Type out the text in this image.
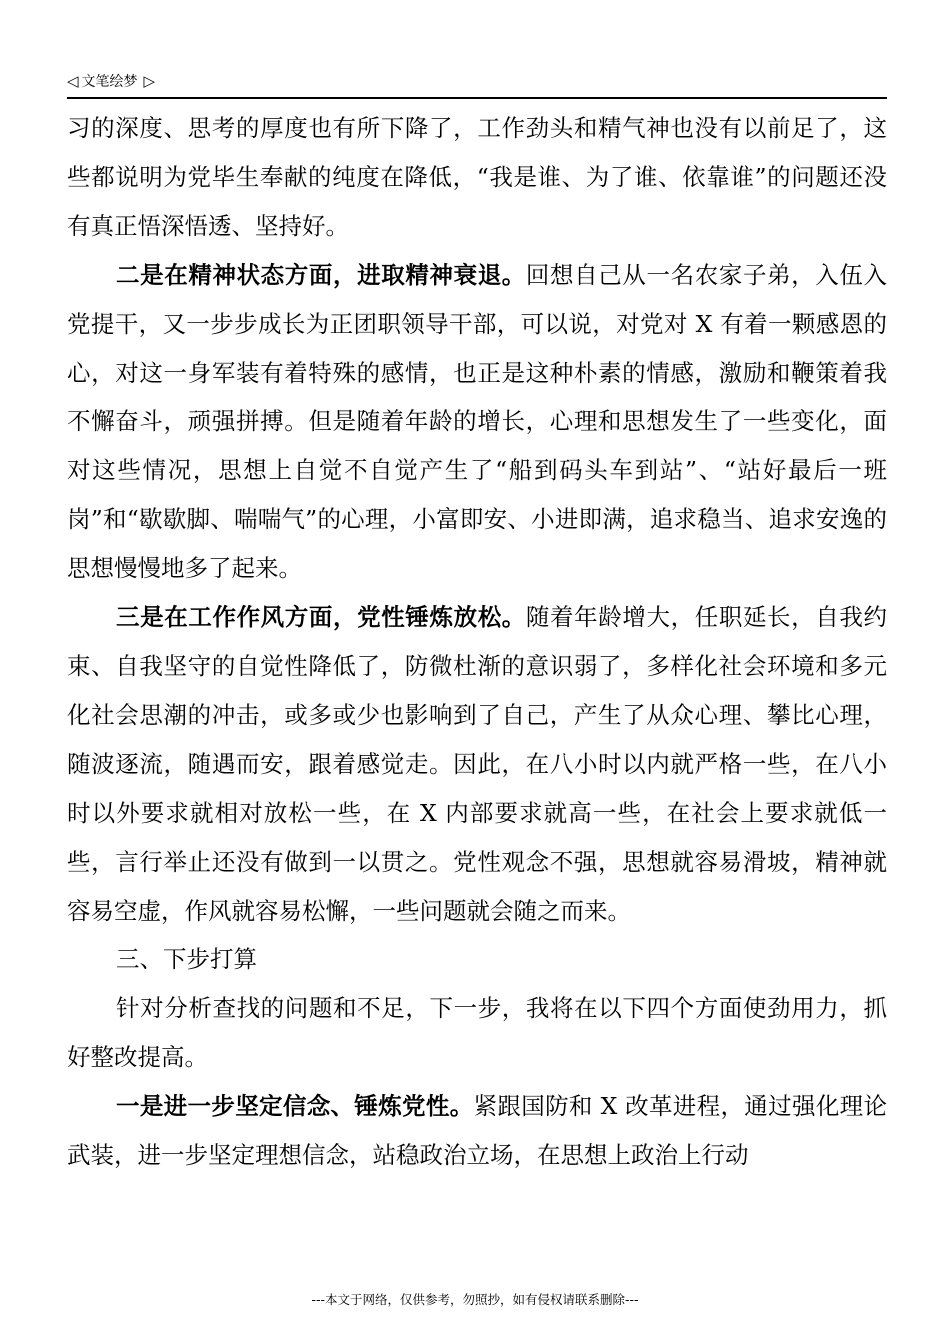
◁ 文笔绘梦 ▷

习的深度、思考的厚度也有所下降了，工作劲头和精气神也没有以前足了，这些都说明为党毕生奉献的纯度在降低，“我是谁、为了谁、依靠谁”的问题还没有真正悟深悟透、坚持好。

二是在精神状态方面，进取精神衰退。回想自己从一名农家子弟，入伍入党提干，又一步步成长为正团职领导干部，可以说，对党对 X 有着一颗感恩的心，对这一身军装有着特殊的感情，也正是这种朴素的情感，激励和鞭策着我不懈奋斗，顽强拼搏。但是随着年龄的增长，心理和思想发生了一些变化，面对这些情况，思想上自觉不自觉产生了“船到码头车到站”、“站好最后一班岗”和“歇歇脚、喘喘气”的心理，小富即安、小进即满，追求稳当、追求安逸的思想慢慢地多了起来。

三是在工作作风方面，党性锤炼放松。随着年龄增大，任职延长，自我约束、自我坚守的自觉性降低了，防微杜渐的意识弱了，多样化社会环境和多元化社会思潮的冲击，或多或少也影响到了自己，产生了从众心理、攀比心理，随波逐流，随遇而安，跟着感觉走。因此，在八小时以内就严格一些，在八小时以外要求就相对放松一些，在 X 内部要求就高一些，在社会上要求就低一些，言行举止还没有做到一以贯之。党性观念不强，思想就容易滑坡，精神就容易空虚，作风就容易松懈，一些问题就会随之而来。

三、下步打算

针对分析查找的问题和不足，下一步，我将在以下四个方面使劲用力，抓好整改提高。

一是进一步坚定信念、锤炼党性。紧跟国防和 X 改革进程，通过强化理论武装，进一步坚定理想信念，站稳政治立场，在思想上政治上行动

---本文于网络，仅供参考，勿照抄，如有侵权请联系删除---
